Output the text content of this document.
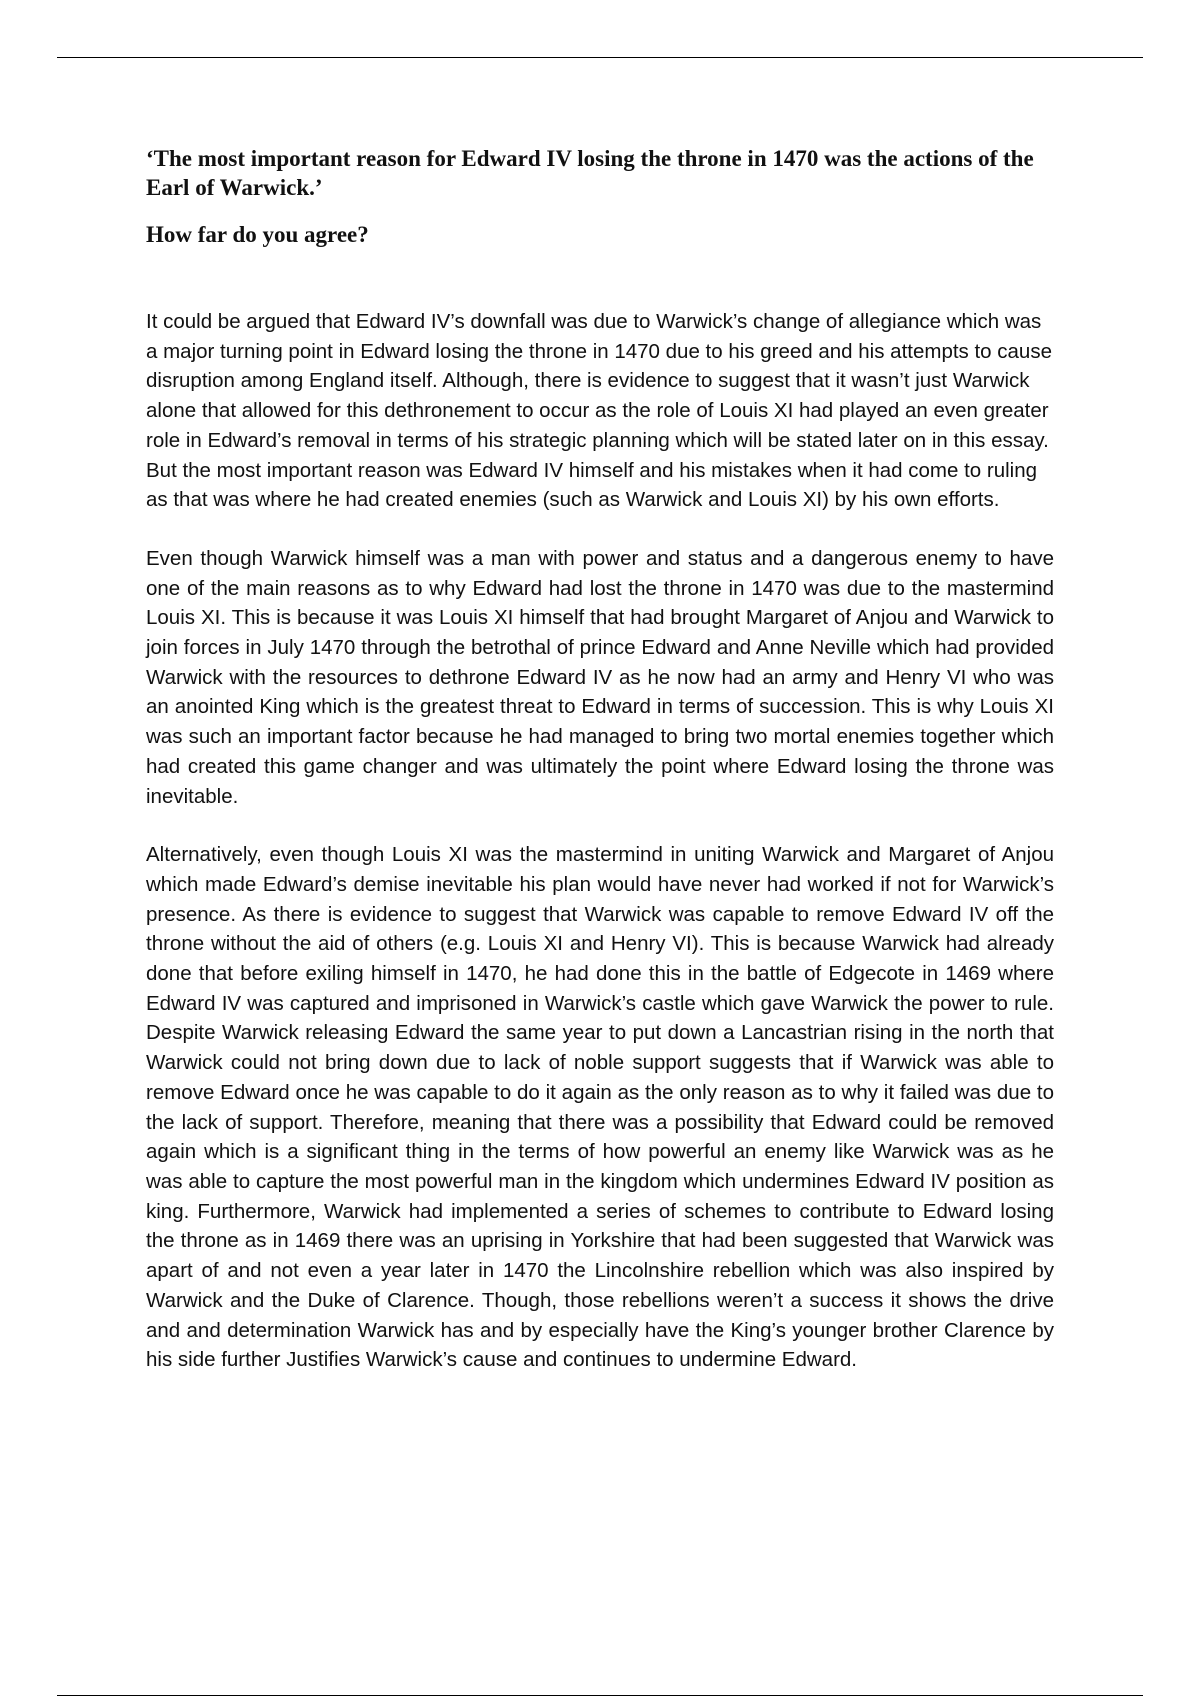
‘The most important reason for Edward IV losing the throne in 1470 was the actions of the Earl of Warwick.’

How far do you agree?

It could be argued that Edward IV’s downfall was due to Warwick’s change of allegiance which was a major turning point in Edward losing the throne in 1470 due to his greed and his attempts to cause disruption among England itself. Although, there is evidence to suggest that it wasn’t just Warwick alone that allowed for this dethronement to occur as the role of Louis XI had played an even greater role in Edward’s removal in terms of his strategic planning which will be stated later on in this essay. But the most important reason was Edward IV himself and his mistakes when it had come to ruling as that was where he had created enemies (such as Warwick and Louis XI) by his own efforts.

Even though Warwick himself was a man with power and status and a dangerous enemy to have one of the main reasons as to why Edward had lost the throne in 1470 was due to the mastermind Louis XI. This is because it was Louis XI himself that had brought Margaret of Anjou and Warwick to join forces in July 1470 through the betrothal of prince Edward and Anne Neville which had provided Warwick with the resources to dethrone Edward IV as he now had an army and Henry VI who was an anointed King which is the greatest threat to Edward in terms of succession. This is why Louis XI was such an important factor because he had managed to bring two mortal enemies together which had created this game changer and was ultimately the point where Edward losing the throne was inevitable.

Alternatively, even though Louis XI was the mastermind in uniting Warwick and Margaret of Anjou which made Edward’s demise inevitable his plan would have never had worked if not for Warwick’s presence. As there is evidence to suggest that Warwick was capable to remove Edward IV off the throne without the aid of others (e.g. Louis XI and Henry VI). This is because Warwick had already done that before exiling himself in 1470, he had done this in the battle of Edgecote in 1469 where Edward IV was captured and imprisoned in Warwick’s castle which gave Warwick the power to rule. Despite Warwick releasing Edward the same year to put down a Lancastrian rising in the north that Warwick could not bring down due to lack of noble support suggests that if Warwick was able to remove Edward once he was capable to do it again as the only reason as to why it failed was due to the lack of support. Therefore, meaning that there was a possibility that Edward could be removed again which is a significant thing in the terms of how powerful an enemy like Warwick was as he was able to capture the most powerful man in the kingdom which undermines Edward IV position as king. Furthermore, Warwick had implemented a series of schemes to contribute to Edward losing the throne as in 1469 there was an uprising in Yorkshire that had been suggested that Warwick was apart of and not even a year later in 1470 the Lincolnshire rebellion which was also inspired by Warwick and the Duke of Clarence. Though, those rebellions weren’t a success it shows the drive and and determination Warwick has and by especially have the King’s younger brother Clarence by his side further Justifies Warwick’s cause and continues to undermine Edward.
